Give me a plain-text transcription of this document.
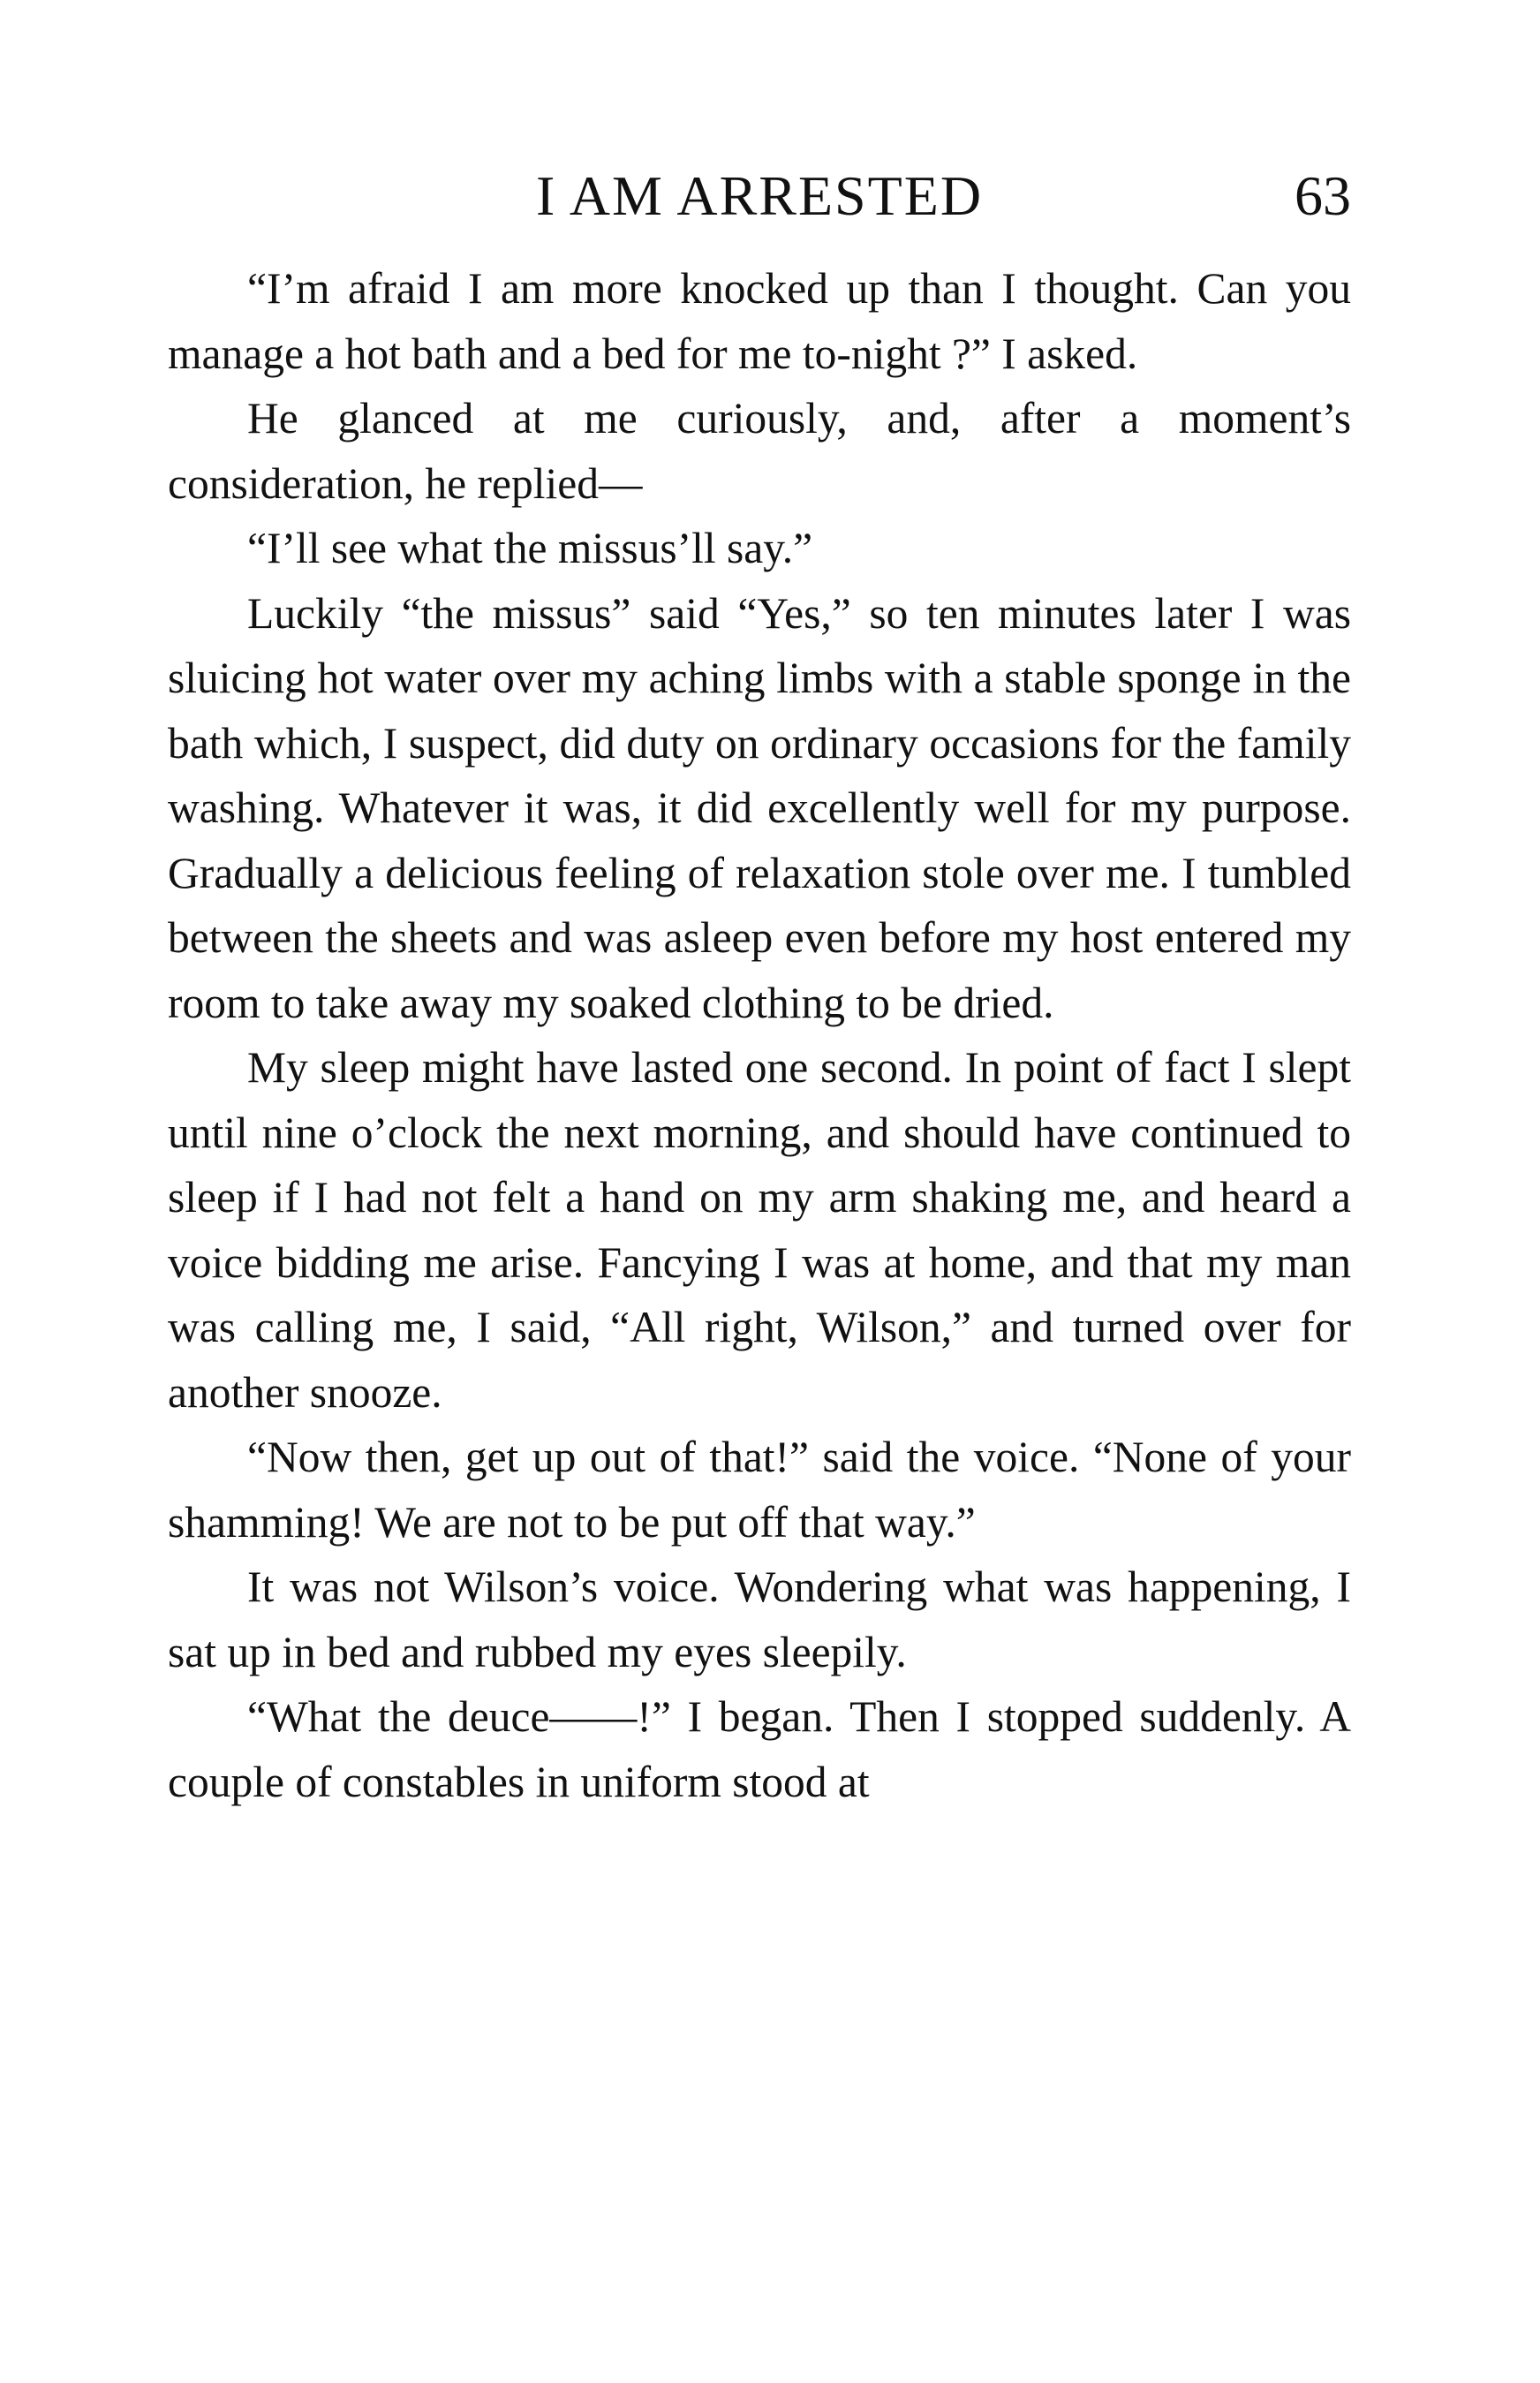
I AM ARRESTED	63

“I’m afraid I am more knocked up than I thought. Can you manage a hot bath and a bed for me to-night ?” I asked.

He glanced at me curiously, and, after a moment’s consideration, he replied—

“I’ll see what the missus’ll say.”

Luckily “the missus” said “Yes,” so ten minutes later I was sluicing hot water over my aching limbs with a stable sponge in the bath which, I suspect, did duty on ordinary occasions for the family washing. Whatever it was, it did excellently well for my purpose. Gradually a delicious feeling of relaxation stole over me. I tumbled between the sheets and was asleep even before my host entered my room to take away my soaked clothing to be dried.

My sleep might have lasted one second. In point of fact I slept until nine o’clock the next morning, and should have continued to sleep if I had not felt a hand on my arm shaking me, and heard a voice bidding me arise. Fancying I was at home, and that my man was calling me, I said, “All right, Wilson,” and turned over for another snooze.

“Now then, get up out of that!” said the voice. “None of your shamming! We are not to be put off that way.”

It was not Wilson’s voice. Wondering what was happening, I sat up in bed and rubbed my eyes sleepily.

“What the deuce——!” I began. Then I stopped suddenly. A couple of constables in uniform stood at
